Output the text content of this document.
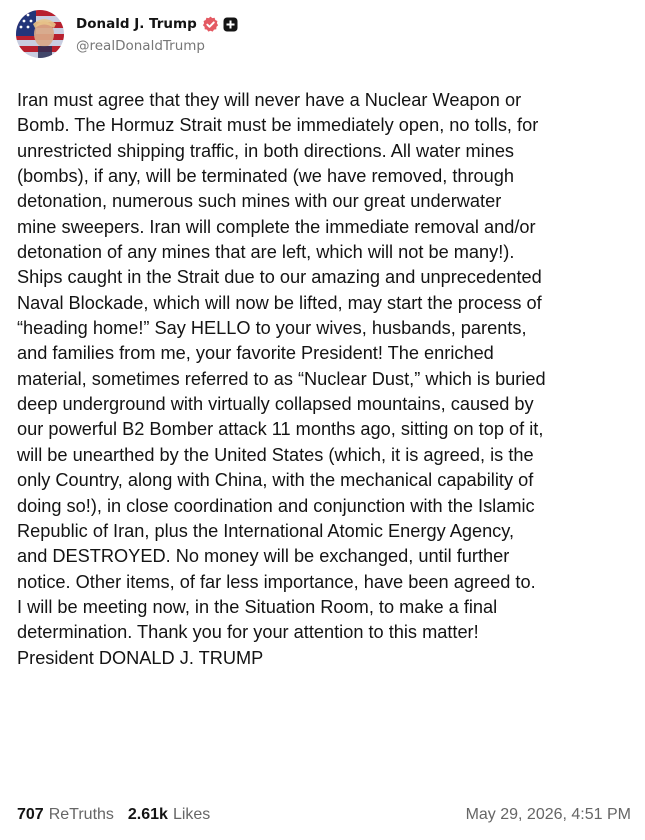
Donald J. Trump
@realDonaldTrump
Iran must agree that they will never have a Nuclear Weapon or
Bomb. The Hormuz Strait must be immediately open, no tolls, for
unrestricted shipping traffic, in both directions. All water mines
(bombs), if any, will be terminated (we have removed, through
detonation, numerous such mines with our great underwater
mine sweepers. Iran will complete the immediate removal and/or
detonation of any mines that are left, which will not be many!).
Ships caught in the Strait due to our amazing and unprecedented
Naval Blockade, which will now be lifted, may start the process of
“heading home!” Say HELLO to your wives, husbands, parents,
and families from me, your favorite President! The enriched
material, sometimes referred to as “Nuclear Dust,” which is buried
deep underground with virtually collapsed mountains, caused by
our powerful B2 Bomber attack 11 months ago, sitting on top of it,
will be unearthed by the United States (which, it is agreed, is the
only Country, along with China, with the mechanical capability of
doing so!), in close coordination and conjunction with the Islamic
Republic of Iran, plus the International Atomic Energy Agency,
and DESTROYED. No money will be exchanged, until further
notice. Other items, of far less importance, have been agreed to.
I will be meeting now, in the Situation Room, to make a final
determination. Thank you for your attention to this matter!
President DONALD J. TRUMP
707 ReTruths 2.61k Likes	May 29, 2026, 4:51 PM
